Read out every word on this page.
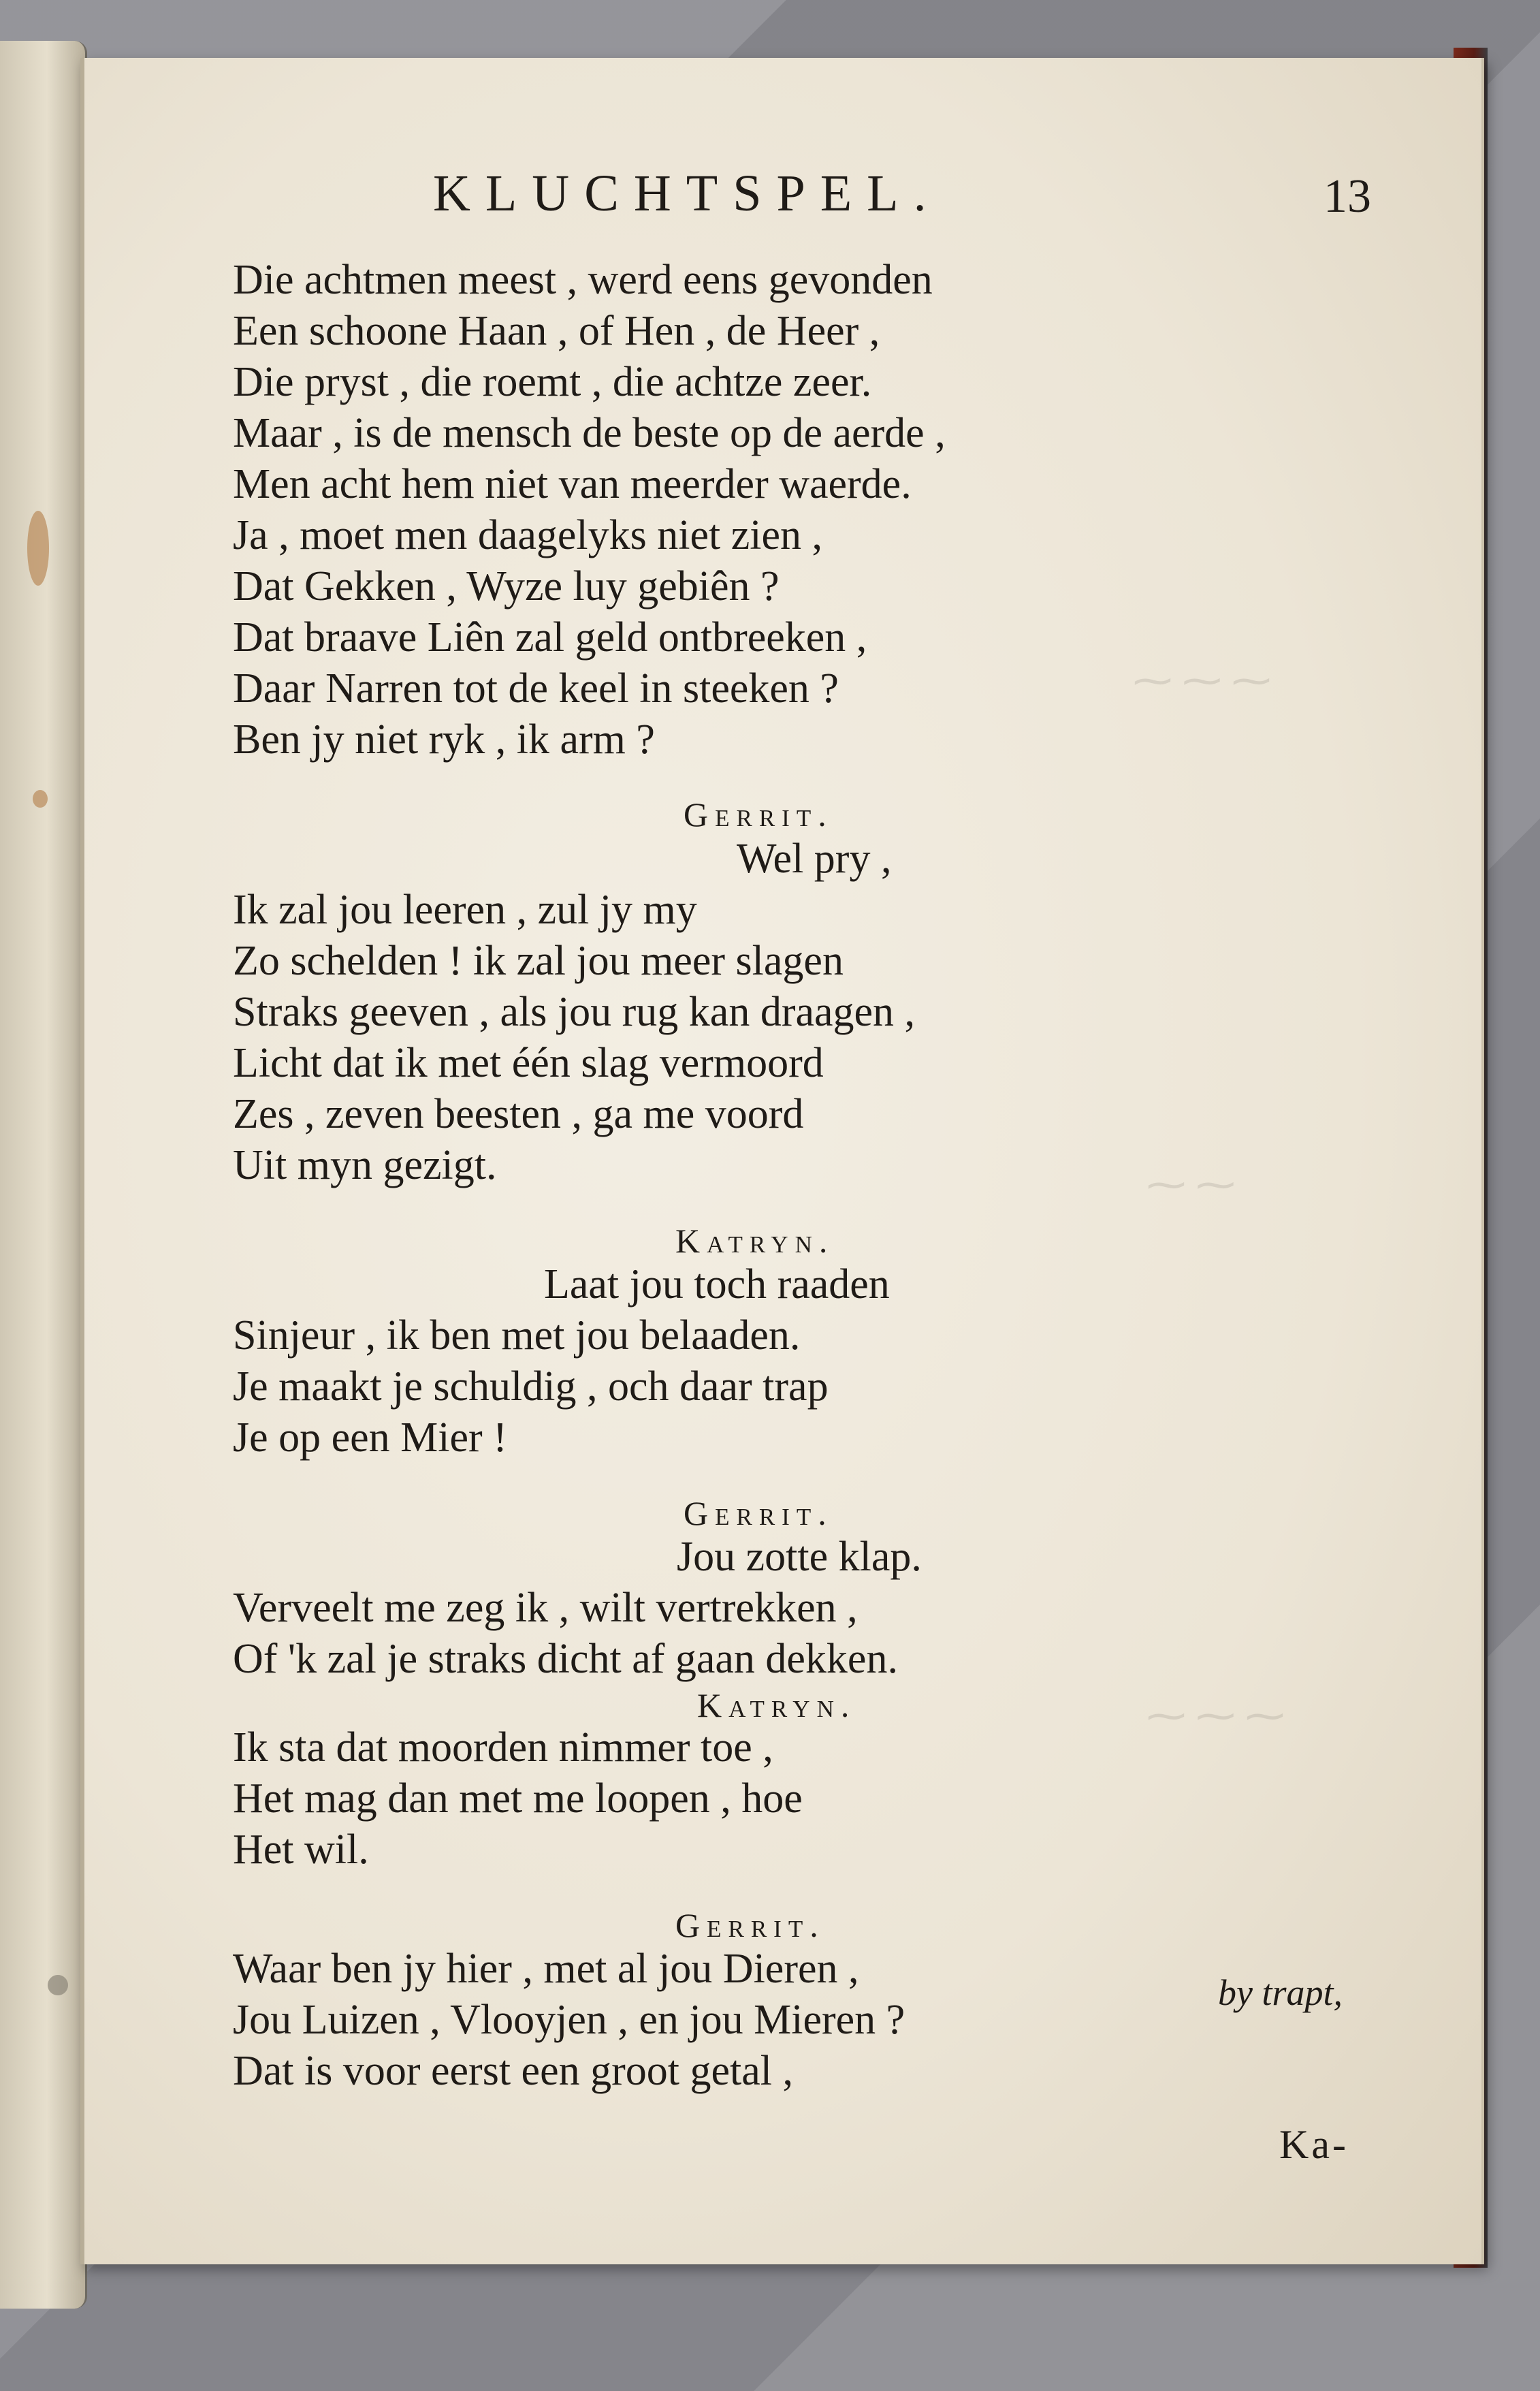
⁓ ⁓ ⁓
⁓ ⁓
⁓ ⁓ ⁓
KLUCHTSPEL.	13
Die achtmen meest , werd eens gevonden
Een schoone Haan , of Hen , de Heer ,
Die pryst , die roemt , die achtze zeer.
Maar , is de mensch de beste op de aerde ,
Men acht hem niet van meerder waerde.
Ja , moet men daagelyks niet zien ,
Dat Gekken , Wyze luy gebiên ?
Dat braave Liên zal geld ontbreeken ,
Daar Narren tot de keel in steeken ?
Ben jy niet ryk , ik arm ?
Gerrit.
Wel pry ,
Ik zal jou leeren , zul jy my
Zo schelden ! ik zal jou meer slagen
Straks geeven , als jou rug kan draagen ,
Licht dat ik met één slag vermoord
Zes , zeven beesten , ga me voord
Uit myn gezigt.
Katryn.
Laat jou toch raaden
Sinjeur , ik ben met jou belaaden.
Je maakt je schuldig , och daar trap
Je op een Mier !
Gerrit.
Jou zotte klap.
Verveelt me zeg ik , wilt vertrekken ,
Of 'k zal je straks dicht af gaan dekken.
Katryn.
Ik sta dat moorden nimmer toe ,
Het mag dan met me loopen , hoe
Het wil.
Gerrit.
Waar ben jy hier , met al jou Dieren ,
Jou Luizen , Vlooyjen , en jou Mieren ?
Dat is voor eerst een groot getal ,
by trapt,
Ka-
